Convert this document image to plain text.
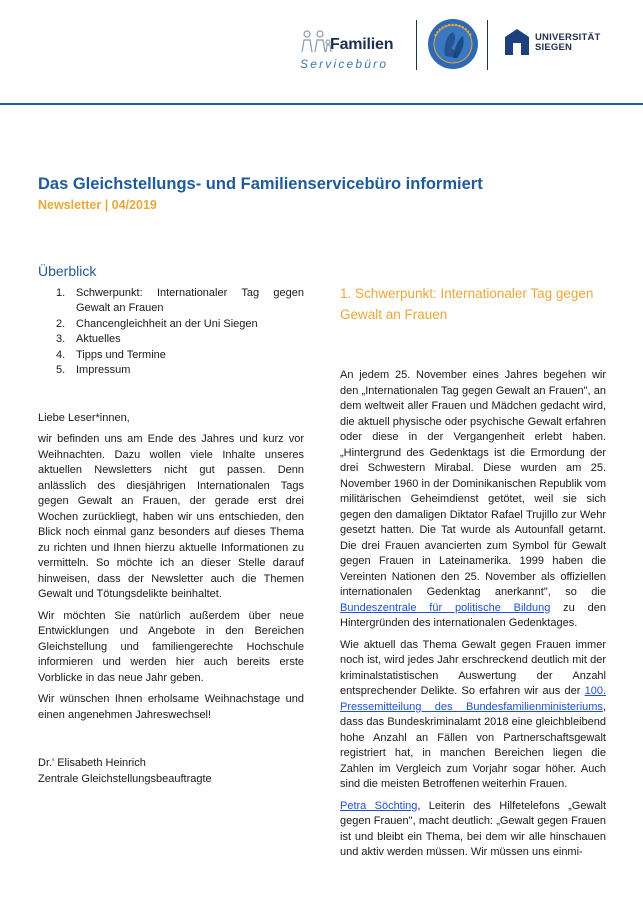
Familien
Servicebüro
UNIVERSITÄT
SIEGEN
Das Gleichstellungs- und Familienservicebüro informiert
Newsletter | 04/2019
Überblick
1. Schwerpunkt: Internationaler Tag gegen Gewalt an Frauen
2. Chancengleichheit an der Uni Siegen
3. Aktuelles
4. Tipps und Termine
5. Impressum
Liebe Leser*innen,

wir befinden uns am Ende des Jahres und kurz vor Weihnachten. Dazu wollen viele Inhalte unseres aktuellen Newsletters nicht gut passen. Denn anlässlich des diesjährigen Internationalen Tags gegen Gewalt an Frauen, der gerade erst drei Wochen zurückliegt, haben wir uns entschieden, den Blick noch einmal ganz besonders auf dieses Thema zu richten und Ihnen hierzu aktuelle Informationen zu vermitteln. So möchte ich an dieser Stelle darauf hinweisen, dass der Newsletter auch die Themen Gewalt und Tötungsdelikte beinhaltet.

Wir möchten Sie natürlich außerdem über neue Entwicklungen und Angebote in den Bereichen Gleichstellung und familiengerechte Hochschule informieren und werden hier auch bereits erste Vorblicke in das neue Jahr geben.

Wir wünschen Ihnen erholsame Weihnachstage und einen angenehmen Jahreswechsel!

Dr.' Elisabeth Heinrich
Zentrale Gleichstellungsbeauftragte
1. Schwerpunkt: Internationaler Tag gegen Gewalt an Frauen

An jedem 25. November eines Jahres begehen wir den „Internationalen Tag gegen Gewalt an Frauen", an dem weltweit aller Frauen und Mädchen gedacht wird, die aktuell physische oder psychische Gewalt erfahren oder diese in der Vergangenheit erlebt haben. „Hintergrund des Gedenktags ist die Ermordung der drei Schwestern Mirabal. Diese wurden am 25. November 1960 in der Dominikanischen Republik vom militärischen Geheimdienst getötet, weil sie sich gegen den damaligen Diktator Rafael Trujillo zur Wehr gesetzt hatten. Die Tat wurde als Autounfall getarnt. Die drei Frauen avancierten zum Symbol für Gewalt gegen Frauen in Lateinamerika. 1999 haben die Vereinten Nationen den 25. November als offiziellen internationalen Gedenktag anerkannt", so die Bundeszentrale für politische Bildung zu den Hintergründen des internationalen Gedenktages.

Wie aktuell das Thema Gewalt gegen Frauen immer noch ist, wird jedes Jahr erschreckend deutlich mit der kriminalstatistischen Auswertung der Anzahl entsprechender Delikte. So erfahren wir aus der 100. Pressemitteilung des Bundesfamilienministeriums, dass das Bundeskriminalamt 2018 eine gleichbleibend hohe Anzahl an Fällen von Partnerschaftsgewalt registriert hat, in manchen Bereichen liegen die Zahlen im Vergleich zum Vorjahr sogar höher. Auch sind die meisten Betroffenen weiterhin Frauen.

Petra Söchting, Leiterin des Hilfetelefons „Gewalt gegen Frauen", macht deutlich: „Gewalt gegen Frauen ist und bleibt ein Thema, bei dem wir alle hinschauen und aktiv werden müssen. Wir müssen uns einmi-
